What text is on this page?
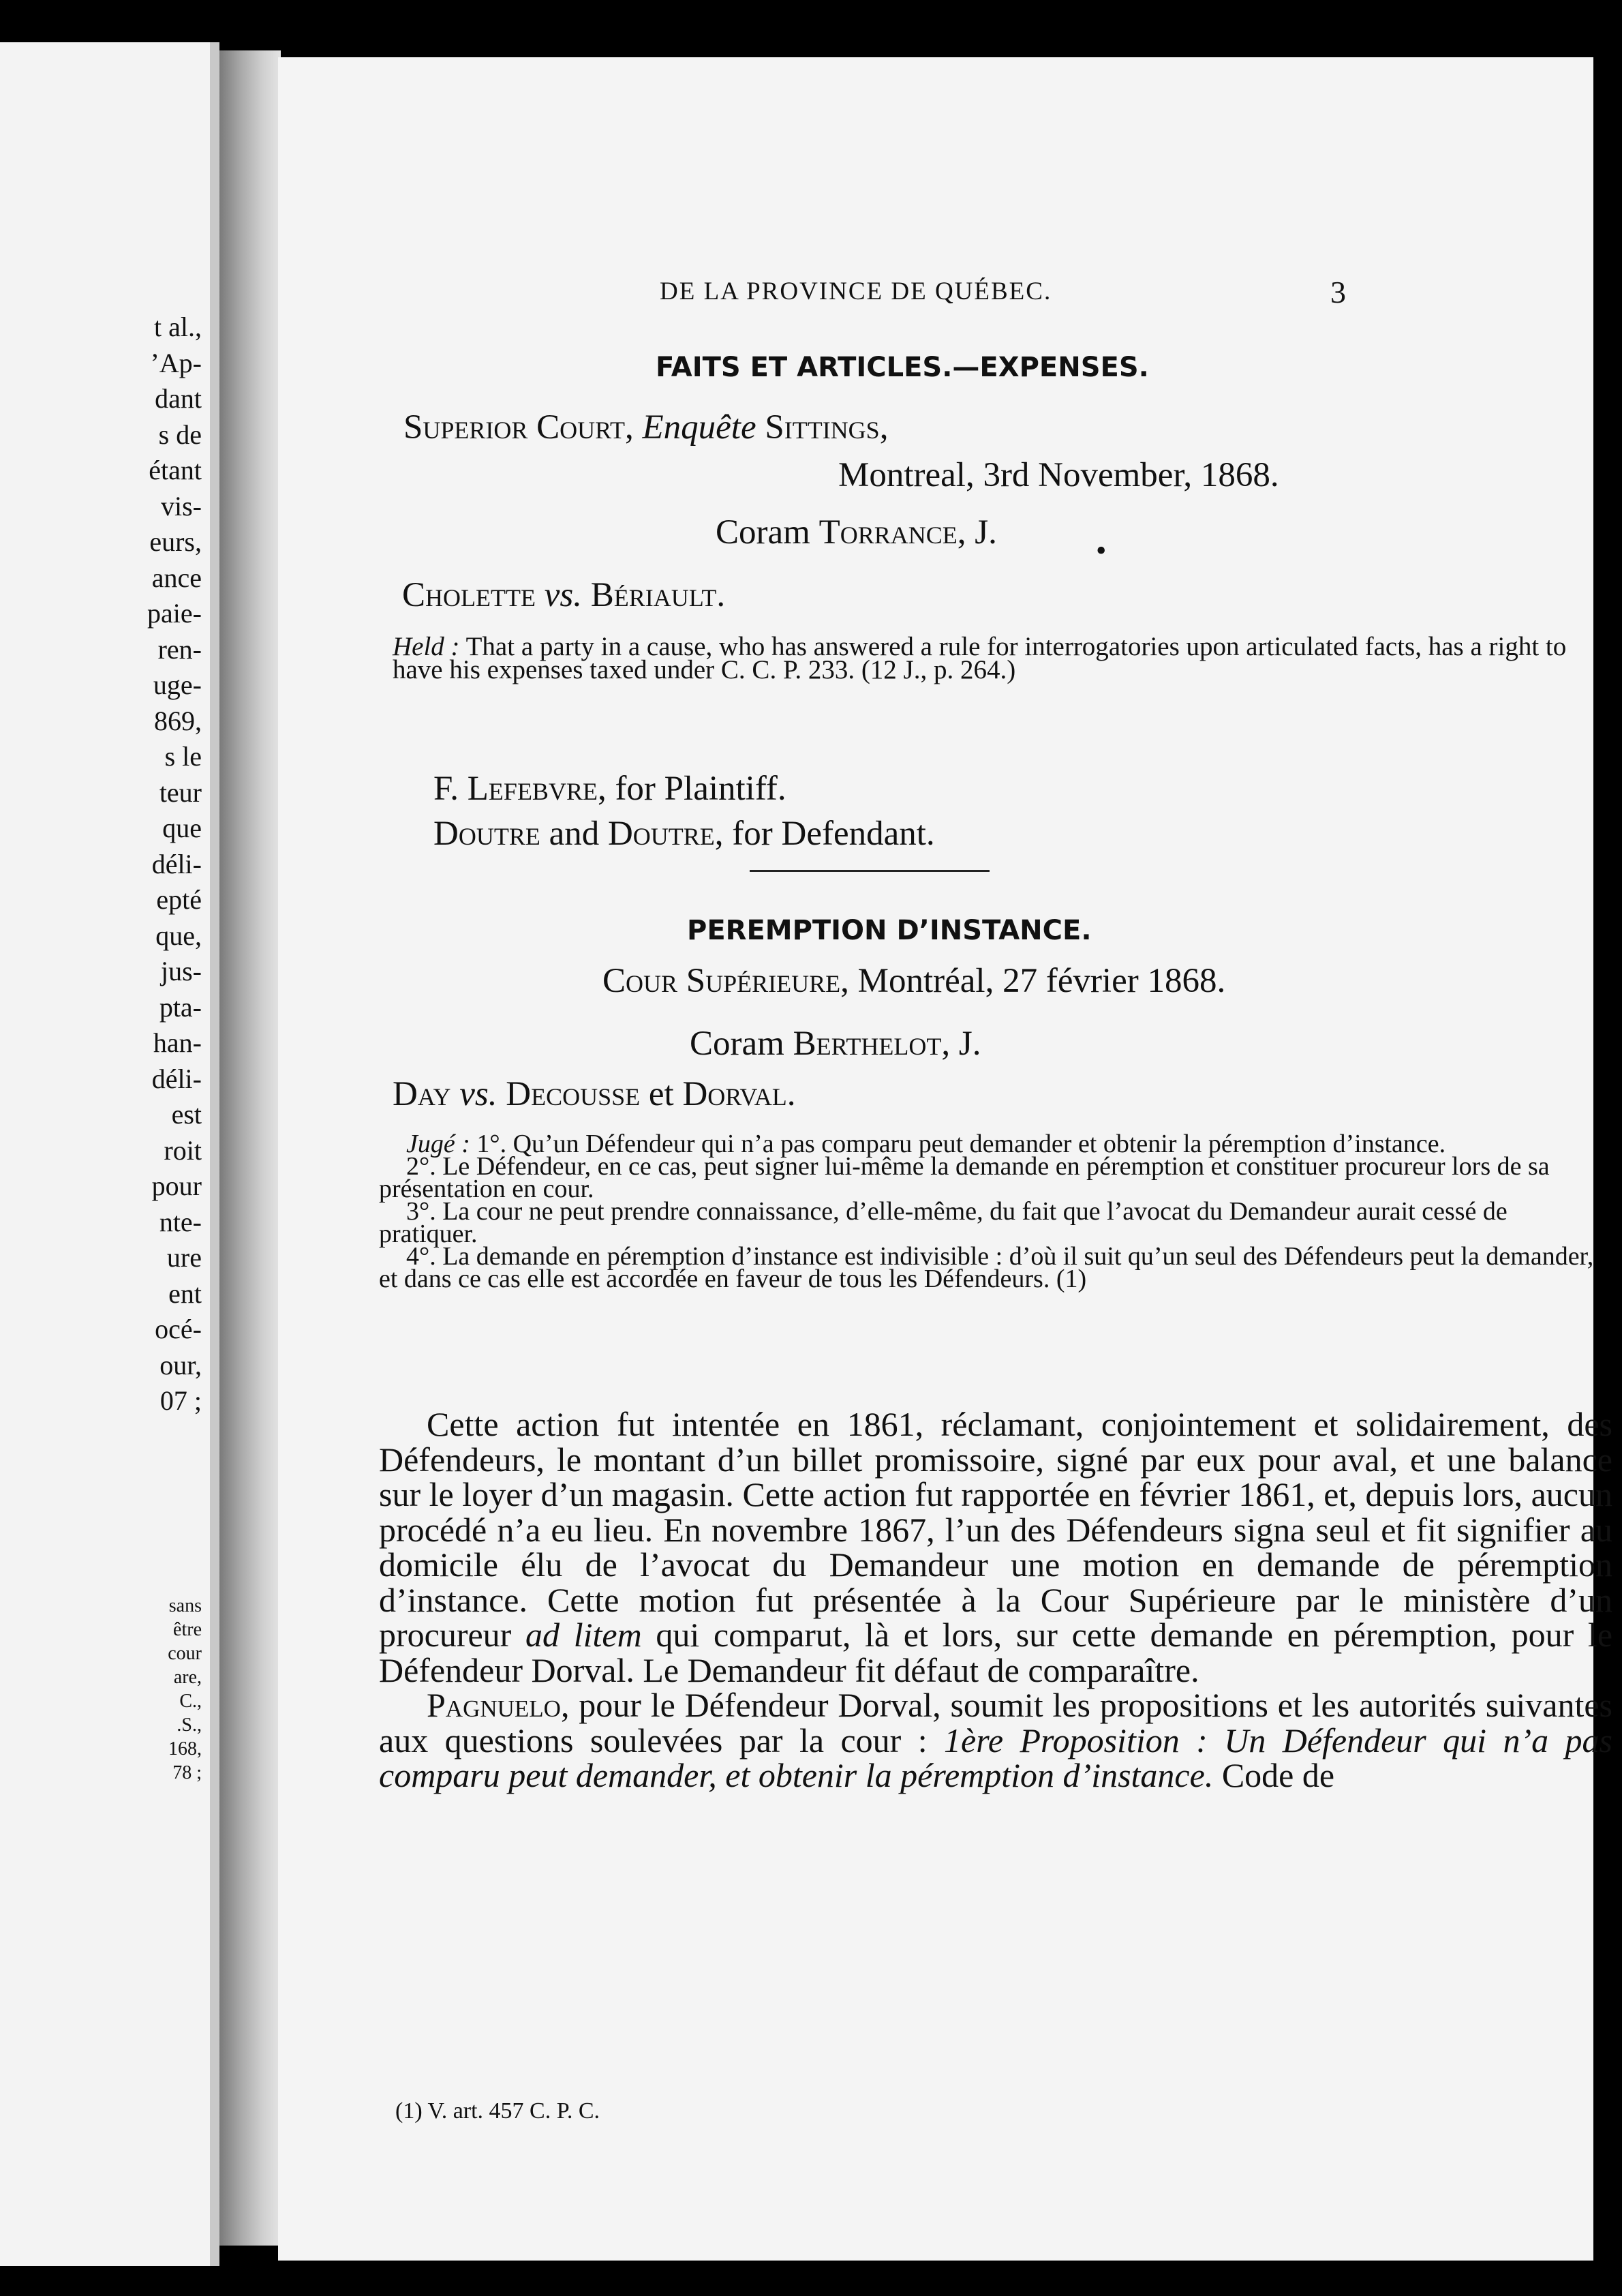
t al.,
’Ap-
dant
s de
étant
vis-
eurs,
ance
paie-
ren-
uge-
869,
s le
teur
que
déli-
epté
que,
jus-
pta-
han-
déli-
est
roit
pour
nte-
ure
ent
océ-
our,
07 ;
sans
être
cour
are,
C.,
.S.,
168,
78 ;
DE LA PROVINCE DE QUÉBEC.	3
FAITS ET ARTICLES.—EXPENSES.
Superior Court, Enquête Sittings,
Montreal, 3rd November, 1868.
Coram Torrance, J.	•
Cholette vs. Bériault.
Held : That a party in a cause, who has answered a rule for interrogatories upon articulated facts, has a right to have his expenses taxed under C. C. P. 233. (12 J., p. 264.)
F. Lefebvre, for Plaintiff.
Doutre and Doutre, for Defendant.
PEREMPTION D’INSTANCE.
Cour Supérieure, Montréal, 27 février 1868.
Coram Berthelot, J.
Day vs. Decousse et Dorval.
Jugé : 1°. Qu’un Défendeur qui n’a pas comparu peut demander et obtenir la péremption d’instance.
2°. Le Défendeur, en ce cas, peut signer lui-même la demande en péremption et constituer procureur lors de sa présentation en cour.
3°. La cour ne peut prendre connaissance, d’elle-même, du fait que l’avocat du Demandeur aurait cessé de pratiquer.
4°. La demande en péremption d’instance est indivisible : d’où il suit qu’un seul des Défendeurs peut la demander, et dans ce cas elle est accordée en faveur de tous les Défendeurs. (1)

Cette action fut intentée en 1861, réclamant, conjointement et solidairement, des Défendeurs, le montant d’un billet promissoire, signé par eux pour aval, et une balance sur le loyer d’un magasin. Cette action fut rapportée en février 1861, et, depuis lors, aucun procédé n’a eu lieu. En novembre 1867, l’un des Défendeurs signa seul et fit signifier au domicile élu de l’avocat du Demandeur une motion en demande de péremption d’instance. Cette motion fut présentée à la Cour Supérieure par le ministère d’un procureur ad litem qui comparut, là et lors, sur cette demande en péremption, pour le Défendeur Dorval. Le Demandeur fit défaut de comparaître.

Pagnuelo, pour le Défendeur Dorval, soumit les propositions et les autorités suivantes aux questions soulevées par la cour : 1ère Proposition : Un Défendeur qui n’a pas comparu peut demander, et obtenir la péremption d’instance. Code de

(1) V. art. 457 C. P. C.
